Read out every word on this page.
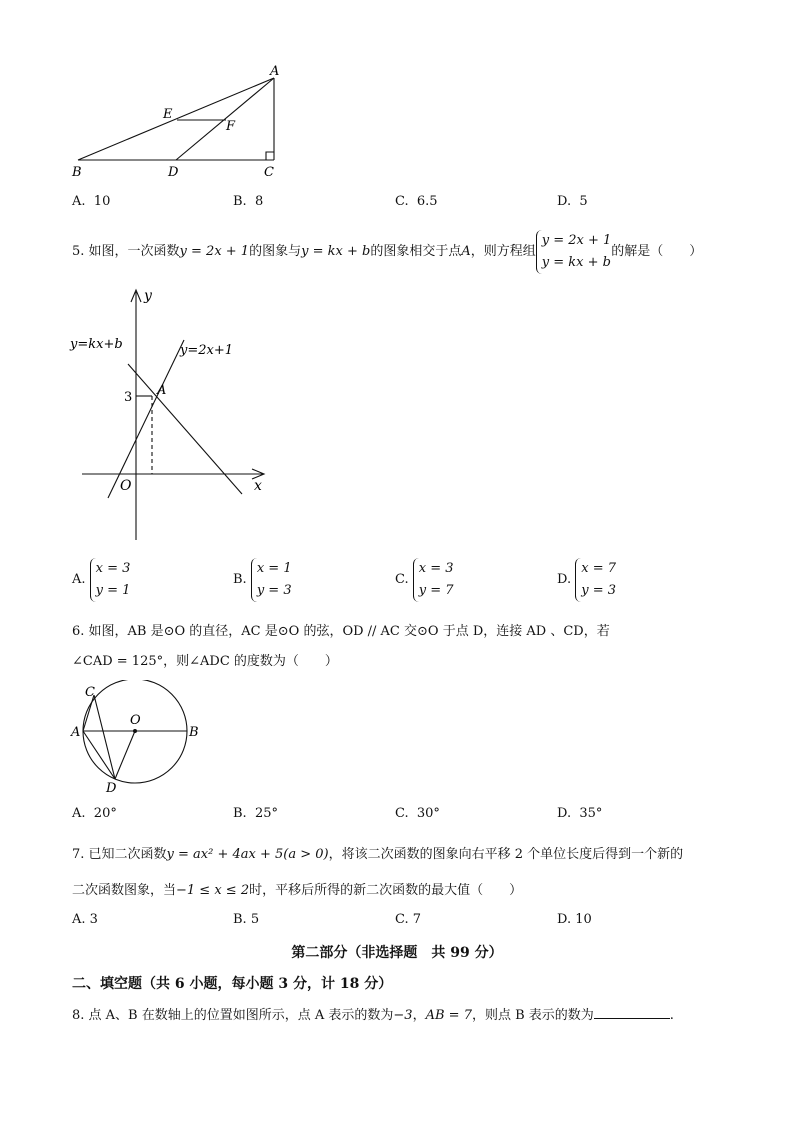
A
E
F
B	D	C
A. 10	B. 8	C. 6.5	D. 5
5. 如图，一次函数y = 2x + 1的图象与y = kx + b的图象相交于点A，则方程组y = 2x + 1
y = kx + b的解是（　　）
y
x
O
y=kx+b	y=2x+1
3 A
A. x = 3
y = 1
B. x = 1
y = 3
C. x = 3
y = 7
D. x = 7
y = 3
6. 如图，AB 是⊙O 的直径，AC 是⊙O 的弦，OD // AC 交⊙O 于点 D，连接 AD 、CD，若
∠CAD = 125°，则∠ADC 的度数为（　　）
C
O
A	B
D
A. 20°	B. 25°	C. 30°	D. 35°
7. 已知二次函数y = ax² + 4ax + 5(a > 0)，将该二次函数的图象向右平移 2 个单位长度后得到一个新的
二次函数图象，当−1 ≤ x ≤ 2时，平移后所得的新二次函数的最大值（　　）
A. 3	B. 5	C. 7	D. 10
第二部分（非选择题　共 99 分）
二、填空题（共 6 小题，每小题 3 分，计 18 分）
8. 点 A、B 在数轴上的位置如图所示，点 A 表示的数为−3，AB = 7，则点 B 表示的数为	.
